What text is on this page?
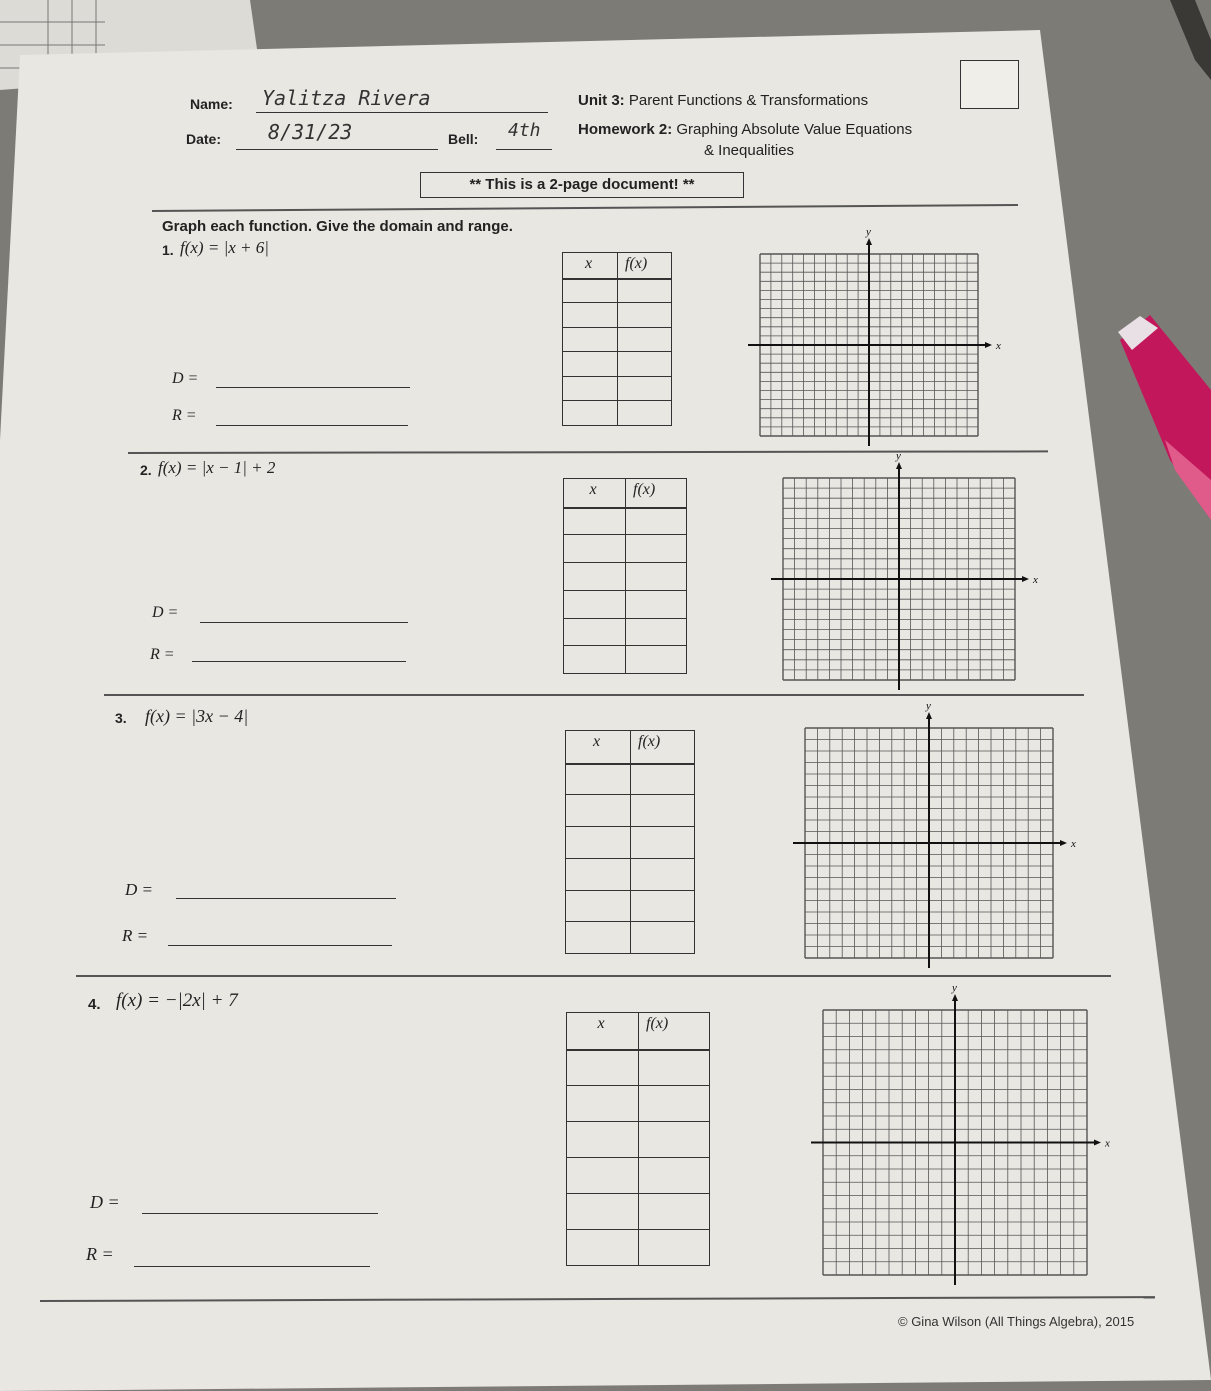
Name: Yalitza Rivera	Unit 3: Parent Functions & Transformations
Date: 8/31/23	Bell: 4th Homework 2: Graphing Absolute Value Equations
& Inequalities
** This is a 2-page document! **
Graph each function. Give the domain and range.
1. f(x) = |x + 6|
D =
R =
2. f(x) = |x − 1| + 2
D =
R =
3. f(x) = |3x − 4|
D =
R =
4. f(x) = −|2x| + 7
D =
R =
x f(x)
x f(x)
x f(x)
x	f(x)
x
y
x
y
x
y
x
y
© Gina Wilson (All Things Algebra), 2015
